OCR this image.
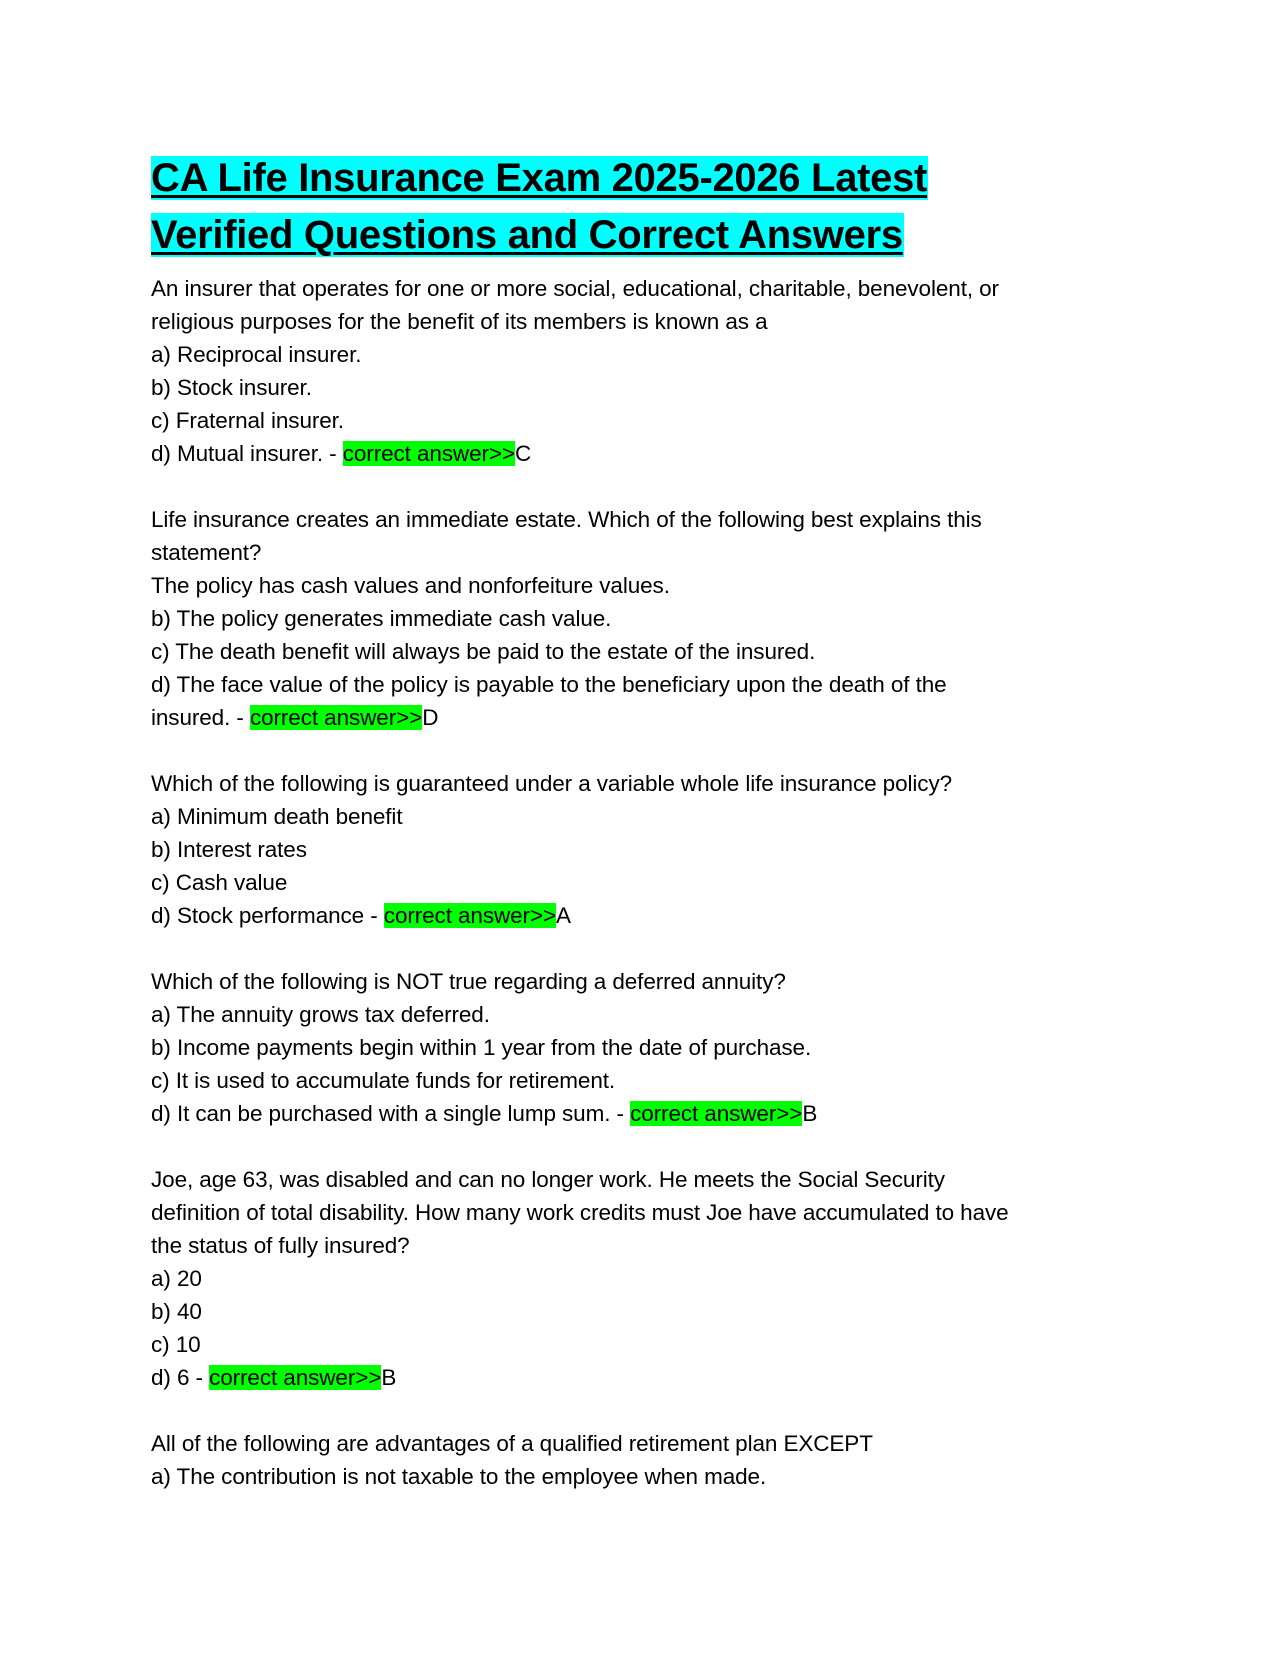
CA Life Insurance Exam 2025-2026 Latest
Verified Questions and Correct Answers
An insurer that operates for one or more social, educational, charitable, benevolent, or
religious purposes for the benefit of its members is known as a
a) Reciprocal insurer.
b) Stock insurer.
c) Fraternal insurer.
d) Mutual insurer. - correct answer>>C
Life insurance creates an immediate estate. Which of the following best explains this
statement?
The policy has cash values and nonforfeiture values.
b) The policy generates immediate cash value.
c) The death benefit will always be paid to the estate of the insured.
d) The face value of the policy is payable to the beneficiary upon the death of the
insured. - correct answer>>D
Which of the following is guaranteed under a variable whole life insurance policy?
a) Minimum death benefit
b) Interest rates
c) Cash value
d) Stock performance - correct answer>>A
Which of the following is NOT true regarding a deferred annuity?
a) The annuity grows tax deferred.
b) Income payments begin within 1 year from the date of purchase.
c) It is used to accumulate funds for retirement.
d) It can be purchased with a single lump sum. - correct answer>>B
Joe, age 63, was disabled and can no longer work. He meets the Social Security
definition of total disability. How many work credits must Joe have accumulated to have
the status of fully insured?
a) 20
b) 40
c) 10
d) 6 - correct answer>>B
All of the following are advantages of a qualified retirement plan EXCEPT
a) The contribution is not taxable to the employee when made.
